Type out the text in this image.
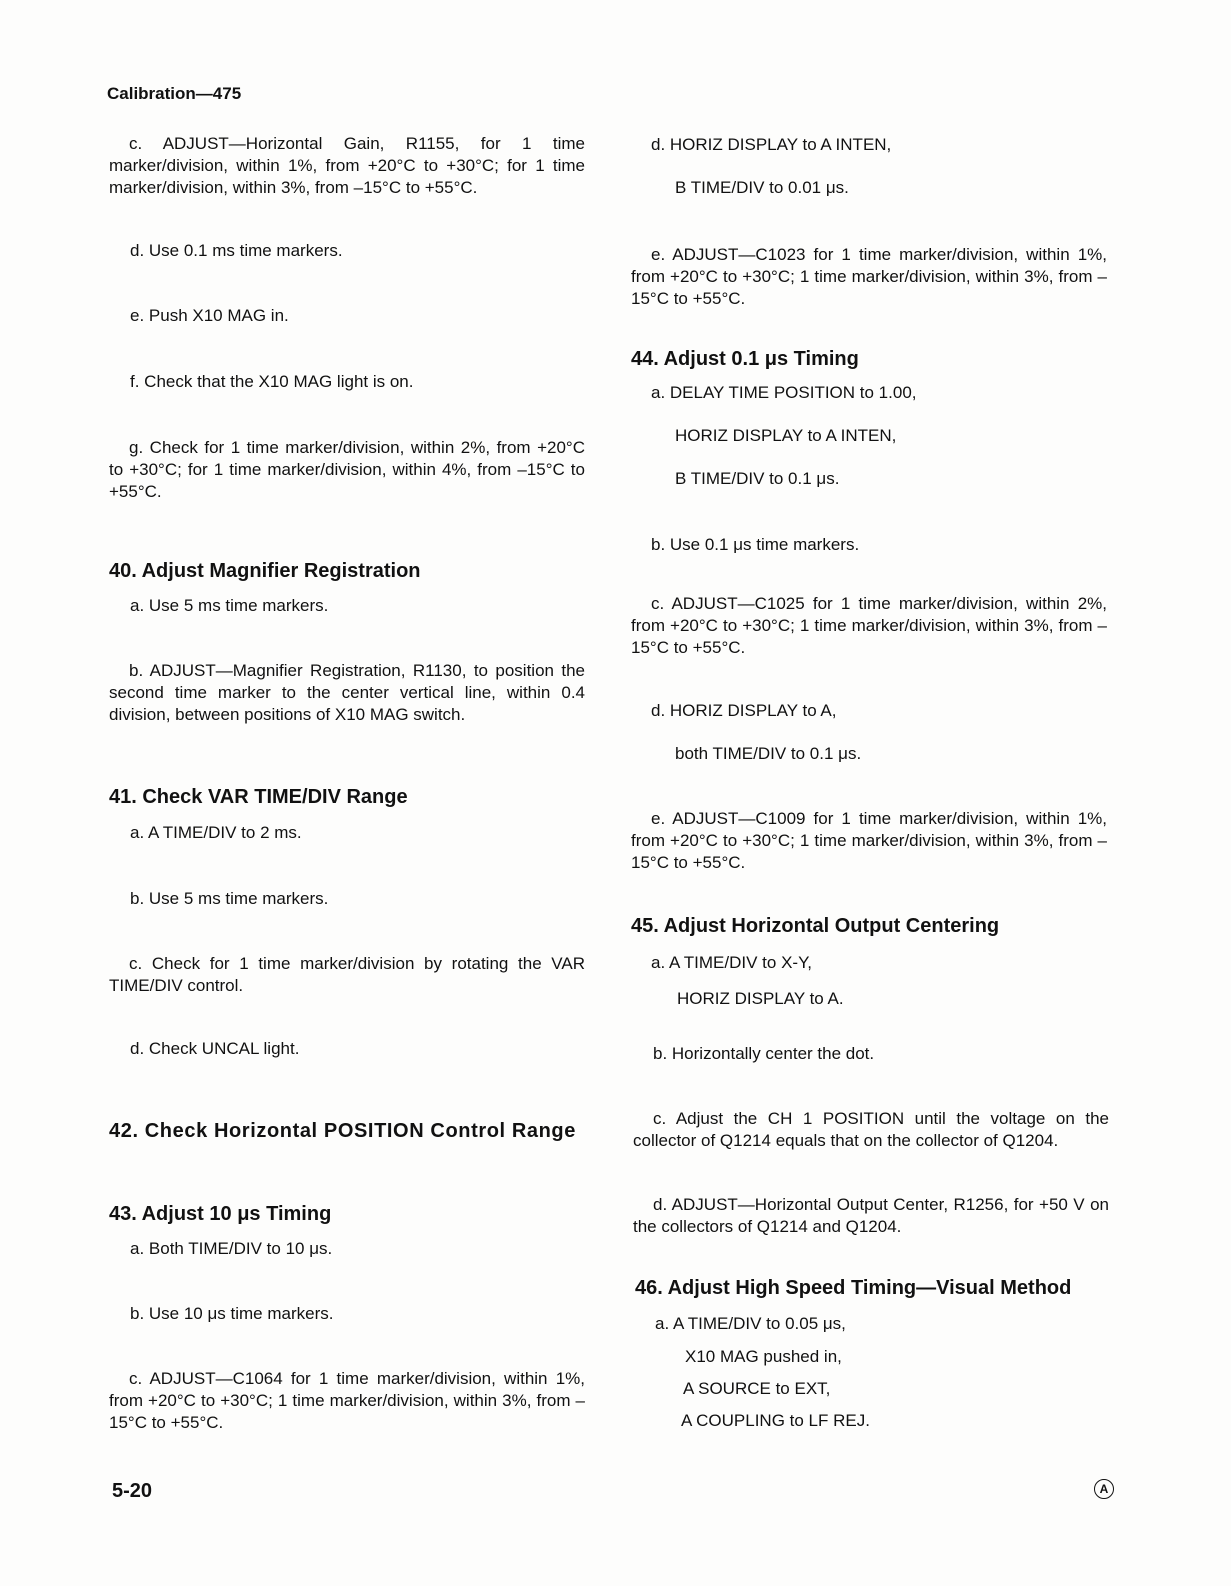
Calibration—475
c. ADJUST—Horizontal Gain, R1155, for 1 time marker/division, within 1%, from +20°C to +30°C; for 1 time marker/division, within 3%, from –15°C to +55°C.
d. Use 0.1 ms time markers.
e. Push X10 MAG in.
f. Check that the X10 MAG light is on.
g. Check for 1 time marker/division, within 2%, from +20°C to +30°C; for 1 time marker/division, within 4%, from –15°C to +55°C.
40. Adjust Magnifier Registration
a. Use 5 ms time markers.
b. ADJUST—Magnifier Registration, R1130, to position the second time marker to the center vertical line, within 0.4 division, between positions of X10 MAG switch.
41. Check VAR TIME/DIV Range
a. A TIME/DIV to 2 ms.
b. Use 5 ms time markers.
c. Check for 1 time marker/division by rotating the VAR TIME/DIV control.
d. Check UNCAL light.
42. Check Horizontal POSITION Control Range
43. Adjust 10 μs Timing
a. Both TIME/DIV to 10 μs.
b. Use 10 μs time markers.
c. ADJUST—C1064 for 1 time marker/division, within 1%, from +20°C to +30°C; 1 time marker/division, within 3%, from –15°C to +55°C.
d. HORIZ DISPLAY to A INTEN,
B TIME/DIV to 0.01 μs.
e. ADJUST—C1023 for 1 time marker/division, within 1%, from +20°C to +30°C; 1 time marker/division, within 3%, from –15°C to +55°C.
44. Adjust 0.1 μs Timing
a. DELAY TIME POSITION to 1.00,
HORIZ DISPLAY to A INTEN,
B TIME/DIV to 0.1 μs.
b. Use 0.1 μs time markers.
c. ADJUST—C1025 for 1 time marker/division, within 2%, from +20°C to +30°C; 1 time marker/division, within 3%, from –15°C to +55°C.
d. HORIZ DISPLAY to A,
both TIME/DIV to 0.1 μs.
e. ADJUST—C1009 for 1 time marker/division, within 1%, from +20°C to +30°C; 1 time marker/division, within 3%, from –15°C to +55°C.
45. Adjust Horizontal Output Centering
a. A TIME/DIV to X-Y,
HORIZ DISPLAY to A.
b. Horizontally center the dot.
c. Adjust the CH 1 POSITION until the voltage on the collector of Q1214 equals that on the collector of Q1204.
d. ADJUST—Horizontal Output Center, R1256, for +50 V on the collectors of Q1214 and Q1204.
46. Adjust High Speed Timing—Visual Method
a. A TIME/DIV to 0.05 μs,
X10 MAG pushed in,
A SOURCE to EXT,
A COUPLING to LF REJ.
5-20	A
